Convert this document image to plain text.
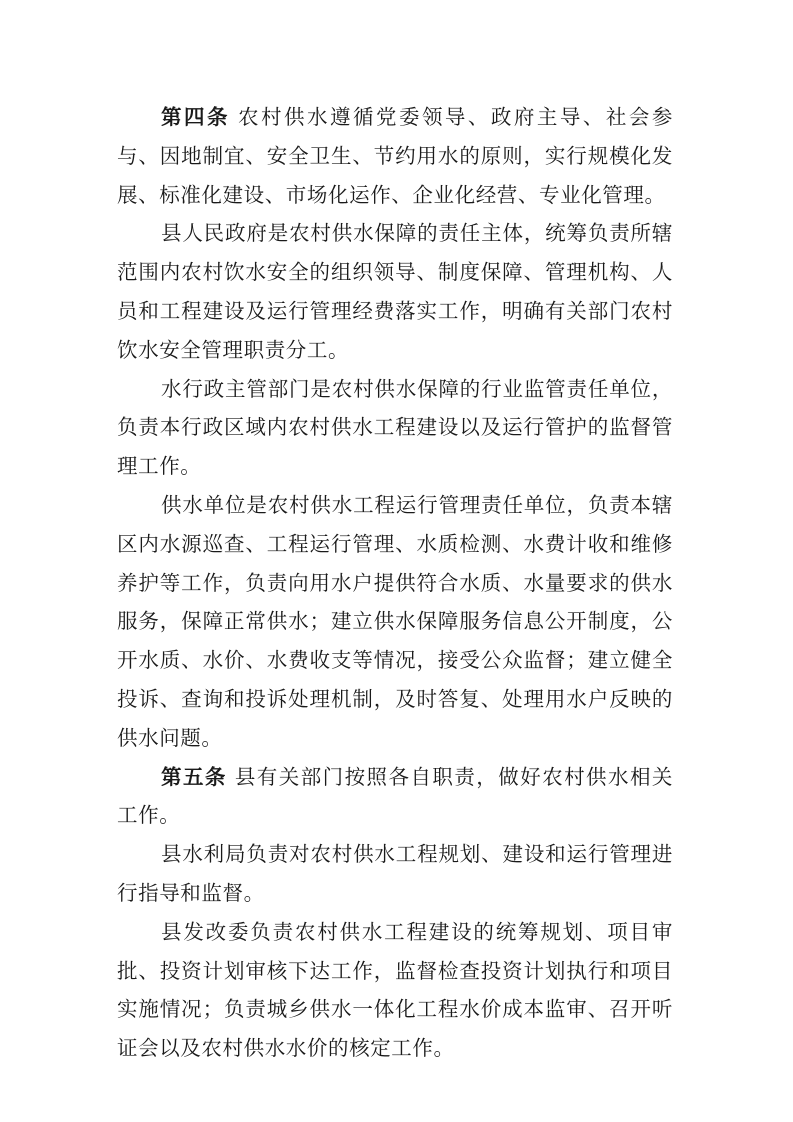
第四条 农村供水遵循党委领导、政府主导、社会参与、因地制宜、安全卫生、节约用水的原则，实行规模化发展、标准化建设、市场化运作、企业化经营、专业化管理。

县人民政府是农村供水保障的责任主体，统筹负责所辖范围内农村饮水安全的组织领导、制度保障、管理机构、人员和工程建设及运行管理经费落实工作，明确有关部门农村饮水安全管理职责分工。

水行政主管部门是农村供水保障的行业监管责任单位，负责本行政区域内农村供水工程建设以及运行管护的监督管理工作。

供水单位是农村供水工程运行管理责任单位，负责本辖区内水源巡查、工程运行管理、水质检测、水费计收和维修养护等工作，负责向用水户提供符合水质、水量要求的供水服务，保障正常供水；建立供水保障服务信息公开制度，公开水质、水价、水费收支等情况，接受公众监督；建立健全投诉、查询和投诉处理机制，及时答复、处理用水户反映的供水问题。

第五条 县有关部门按照各自职责，做好农村供水相关工作。

县水利局负责对农村供水工程规划、建设和运行管理进行指导和监督。

县发改委负责农村供水工程建设的统筹规划、项目审批、投资计划审核下达工作，监督检查投资计划执行和项目实施情况；负责城乡供水一体化工程水价成本监审、召开听证会以及农村供水水价的核定工作。
